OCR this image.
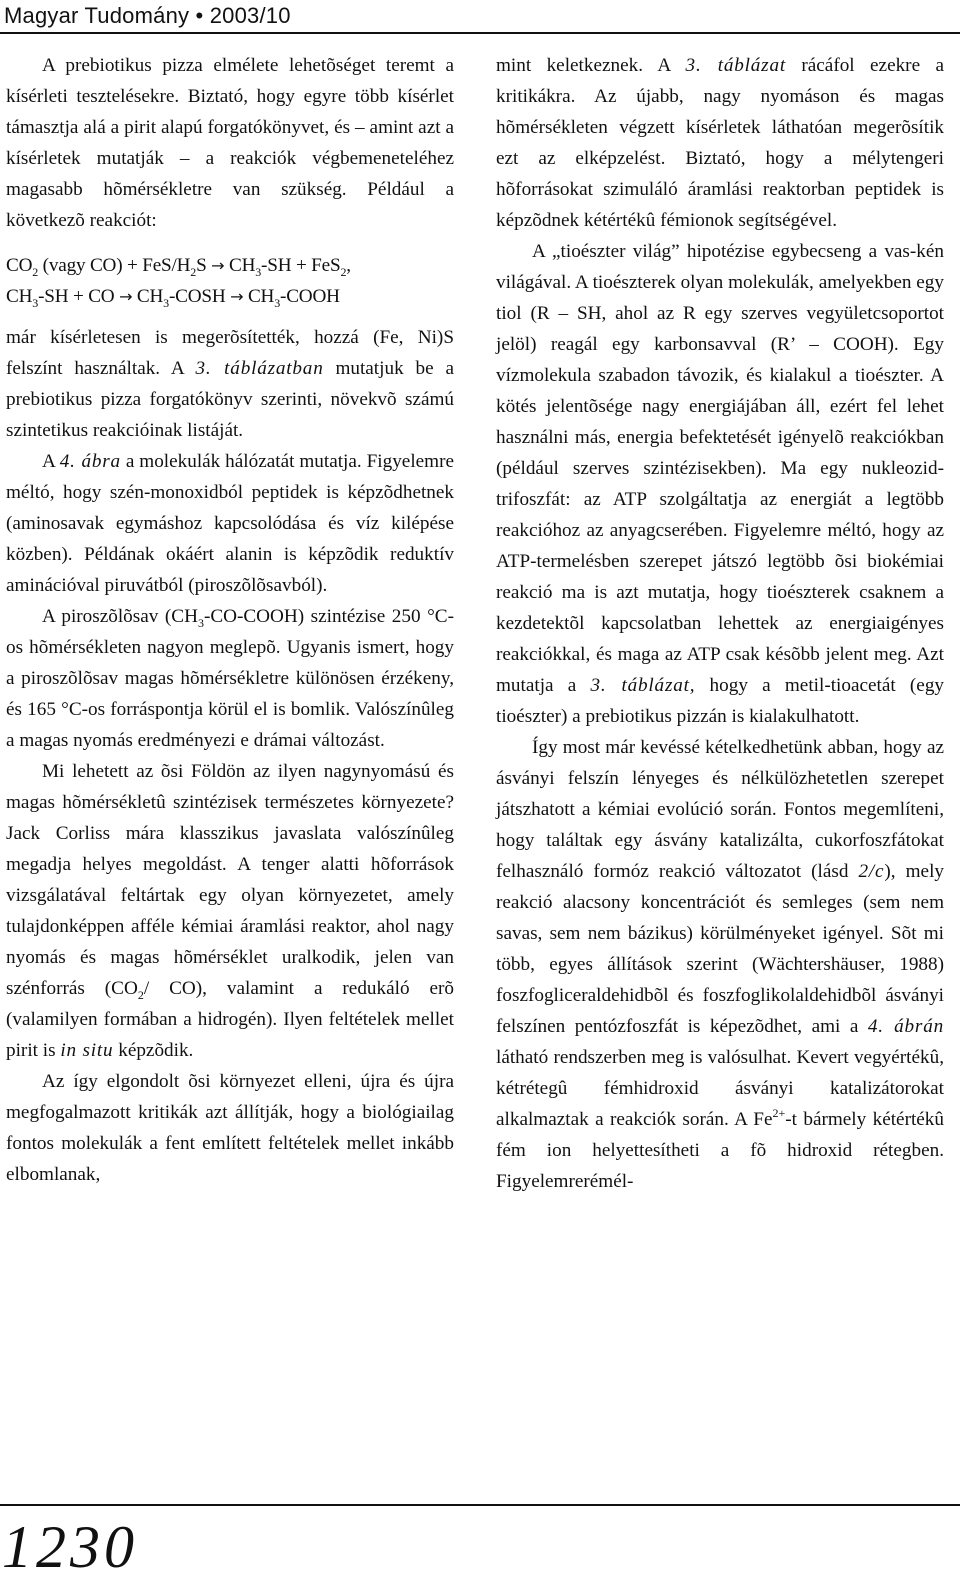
Magyar Tudomány • 2003/10

A prebiotikus pizza elmélete lehetõséget teremt a kísérleti tesztelésekre. Biztató, hogy egyre több kísérlet támasztja alá a pirit alapú forgatókönyvet, és – amint azt a kísérletek mutatják – a reakciók végbemeneteléhez magasabb hõmérsékletre van szükség. Például a következõ reakciót:

$CO_2$ (vagy CO) + FeS/$H_2S \to CH_3-SH + FeS_2$,
$CH_3-SH$ + CO → $CH_3$-COSH → $CH_3$-COOH

már kísérletesen is megerõsítették, hozzá (Fe, Ni)S felszínt használtak. A 3. táblázatban mutatjuk be a prebiotikus pizza forgatókönyv szerinti, növekvõ számú szintetikus reakcióinak listáját.

A 4. ábra a molekulák hálózatát mutatja. Figyelemre méltó, hogy szén-monoxidból peptidek is képzõdhetnek (aminosavak egymáshoz kapcsolódása és víz kilépése közben). Példának okáért alanin is képzõdik reduktív aminációval piruvátból (piroszõlõsavból).

A piroszõlõsav $(CH_3-CO-COOH)$ szintézise 250 °C-os hõmérsékleten nagyon meglepõ. Ugyanis ismert, hogy a piroszõlõsav magas hõmérsékletre különösen érzékeny, és 165 °C-os forráspontja körül el is bomlik. Valószínûleg a magas nyomás eredményezi e drámai változást.

Mi lehetett az õsi Földön az ilyen nagynyomású és magas hõmérsékletû szintézisek természetes környezete? Jack Corliss mára klasszikus javaslata valószínûleg megadja helyes megoldást. A tenger alatti hõforrások vizsgálatával feltártak egy olyan környezetet, amely tulajdonképpen afféle kémiai áramlási reaktor, ahol nagy nyomás és magas hõmérséklet uralkodik, jelen van szénforrás ($CO_2/$ CO), valamint a redukáló erõ (valamilyen formában a hidrogén). Ilyen feltételek mellet pirit is in situ képzõdik.

Az így elgondolt õsi környezet elleni, újra és újra megfogalmazott kritikák azt állítják, hogy a biológiailag fontos molekulák a fent említett feltételek mellet inkább elbomlanak,

mint keletkeznek. A 3. táblázat rácáfol ezekre a kritikákra. Az újabb, nagy nyomáson és magas hõmérsékleten végzett kísérletek láthatóan megerõsítik ezt az elképzelést. Biztató, hogy a mélytengeri hõforrásokat szimuláló áramlási reaktorban peptidek is képzõdnek kétértékû fémionok segítségével.

A „tioészter világ” hipotézise egybecseng a vas-kén világával. A tioészterek olyan molekulák, amelyekben egy tiol (R – SH, ahol az R egy szerves vegyületcsoportot jelöl) reagál egy karbonsavval (R’ – COOH). Egy vízmolekula szabadon távozik, és kialakul a tioészter. A kötés jelentõsége nagy energiájában áll, ezért fel lehet használni más, energia befektetését igényelõ reakciókban (például szerves szintézisekben). Ma egy nukleozid-trifoszfát: az ATP szolgáltatja az energiát a legtöbb reakcióhoz az anyagcserében. Figyelemre méltó, hogy az ATP-termelésben szerepet játszó legtöbb õsi biokémiai reakció ma is azt mutatja, hogy tioészterek csaknem a kezdetektõl kapcsolatban lehettek az energiaigényes reakciókkal, és maga az ATP csak késõbb jelent meg. Azt mutatja a 3. táblázat, hogy a metil-tioacetát (egy tioészter) a prebiotikus pizzán is kialakulhatott.

Így most már kevéssé kételkedhetünk abban, hogy az ásványi felszín lényeges és nélkülözhetetlen szerepet játszhatott a kémiai evolúció során. Fontos megemlíteni, hogy találtak egy ásvány katalizálta, cukorfoszfátokat felhasználó formóz reakció változatot (lásd 2/c), mely reakció alacsony koncentrációt és semleges (sem nem savas, sem nem bázikus) körülményeket igényel. Sõt mi több, egyes állítások szerint (Wächtershäuser, 1988) foszfogliceraldehidbõl és foszfoglikolaldehidbõl ásványi felszínen pentózfoszfát is képezõdhet, ami a 4. ábrán látható rendszerben meg is valósulhat. Kevert vegyértékû, kétrétegû fémhidroxid ásványi katalizátorokat alkalmaztak a reakciók során. A $Fe^{2+}-t$ bármely kétértékû fém ion helyettesítheti a fõ hidroxid rétegben. Figyelemrerémél-

1230
